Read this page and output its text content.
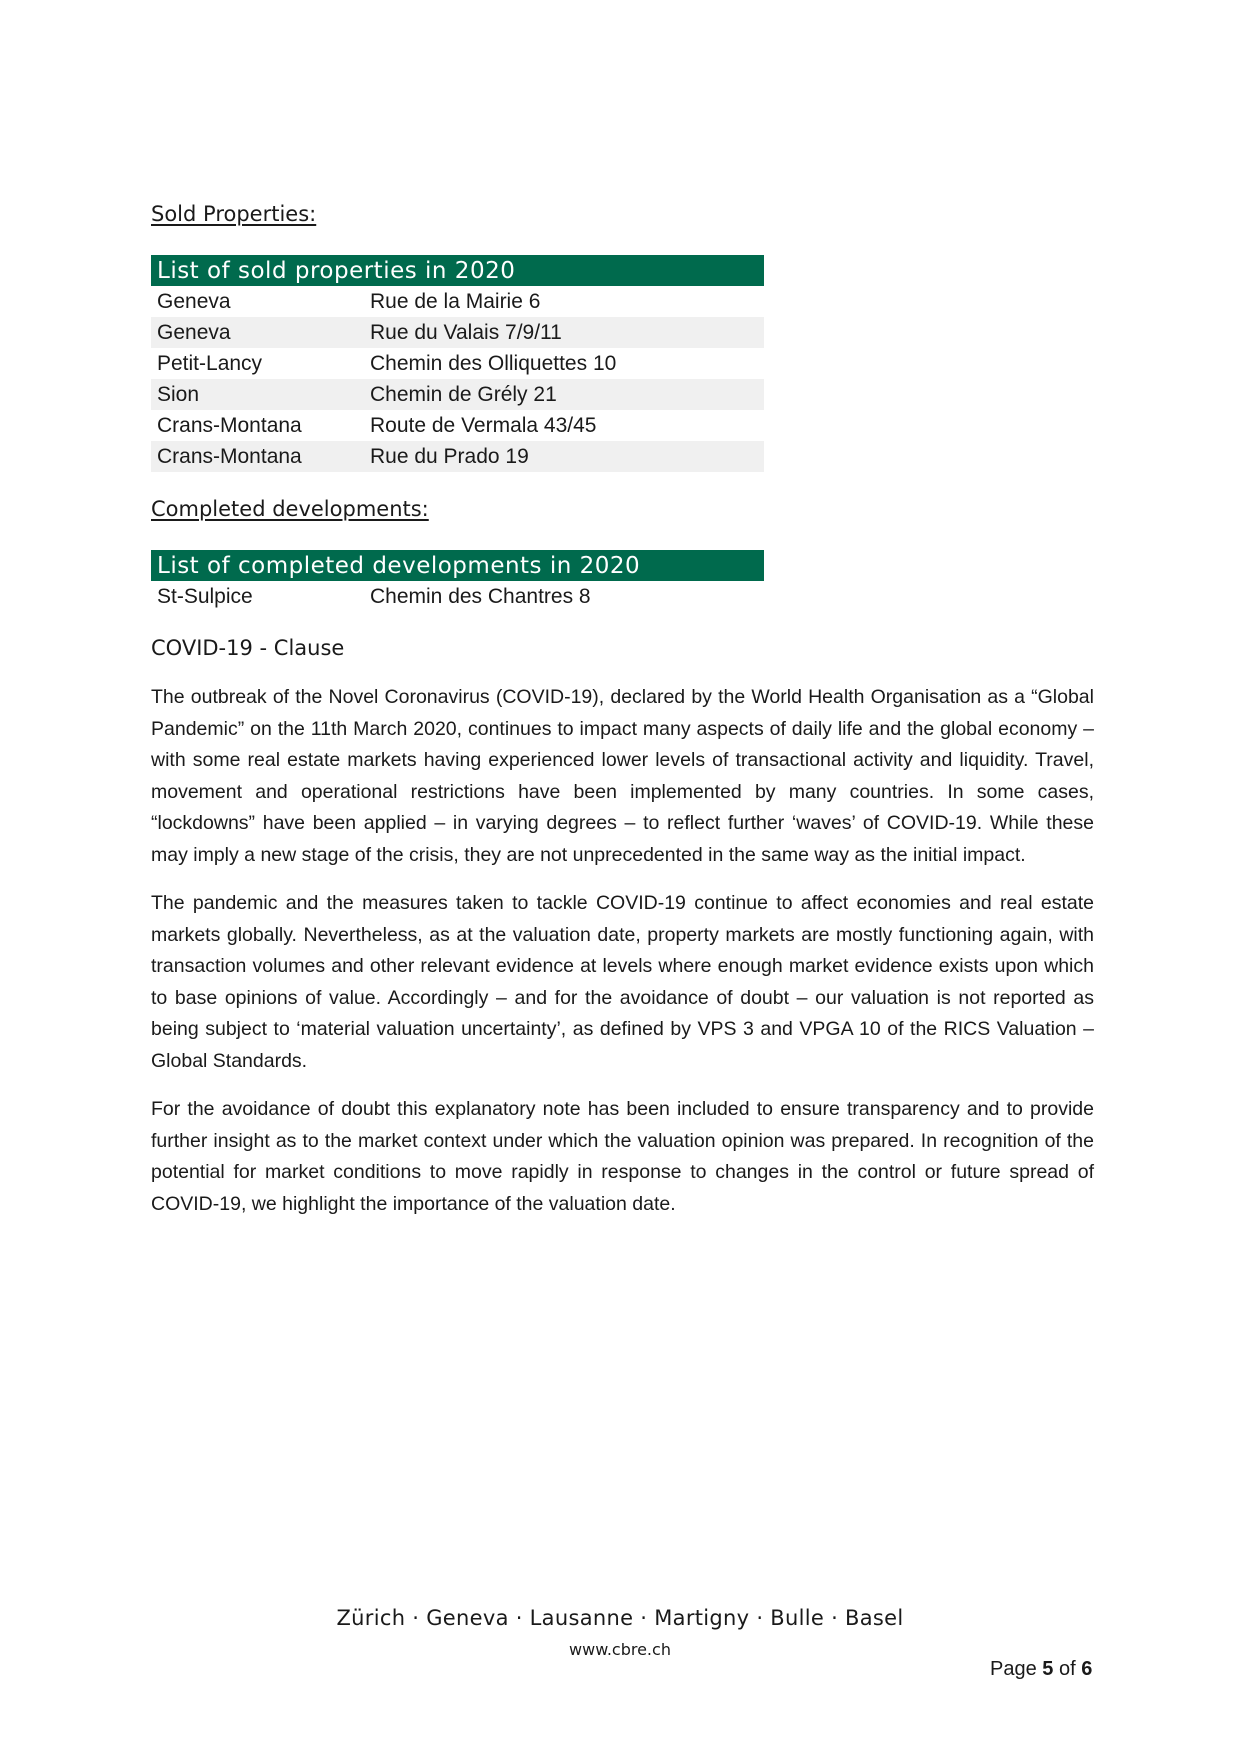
Sold Properties:

List of sold properties in 2020	
Geneva	Rue de la Mairie 6
Geneva	Rue du Valais 7/9/11
Petit-Lancy	Chemin des Olliquettes 10
Sion	Chemin de Grély 21
Crans-Montana	Route de Vermala 43/45
Crans-Montana	Rue du Prado 19

Completed developments:

List of completed developments in 2020
St-Sulpice	Chemin des Chantres 8

COVID-19 - Clause

The outbreak of the Novel Coronavirus (COVID-19), declared by the World Health Organisation as a “Global Pandemic” on the 11th March 2020, continues to impact many aspects of daily life and the global economy – with some real estate markets having experienced lower levels of transactional activity and liquidity. Travel, movement and operational restrictions have been implemented by many countries. In some cases, “lockdowns” have been applied – in varying degrees – to reflect further ‘waves’ of COVID-19. While these may imply a new stage of the crisis, they are not unprecedented in the same way as the initial impact.

The pandemic and the measures taken to tackle COVID-19 continue to affect economies and real estate markets globally. Nevertheless, as at the valuation date, property markets are mostly functioning again, with transaction volumes and other relevant evidence at levels where enough market evidence exists upon which to base opinions of value. Accordingly – and for the avoidance of doubt – our valuation is not reported as being subject to ‘material valuation uncertainty’, as defined by VPS 3 and VPGA 10 of the RICS Valuation – Global Standards.

For the avoidance of doubt this explanatory note has been included to ensure transparency and to provide further insight as to the market context under which the valuation opinion was prepared. In recognition of the potential for market conditions to move rapidly in response to changes in the control or future spread of COVID-19, we highlight the importance of the valuation date.

Zürich · Geneva · Lausanne · Martigny · Bulle · Basel
www.cbre.ch
Page 5 of 6
